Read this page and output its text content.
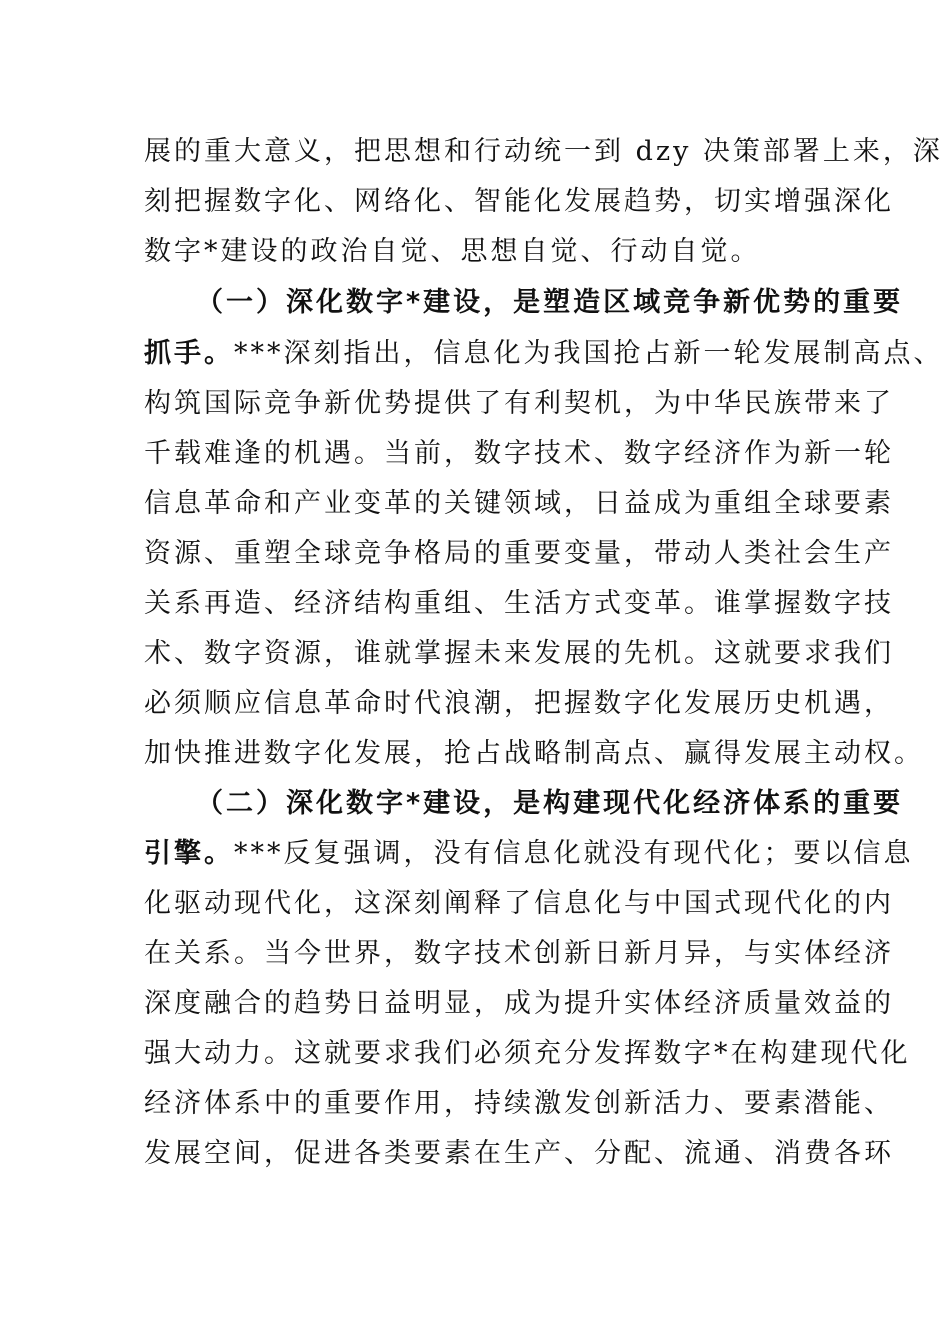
展的重大意义，把思想和行动统一到 dzy 决策部署上来，深
刻把握数字化、网络化、智能化发展趋势，切实增强深化
数字*建设的政治自觉、思想自觉、行动自觉。
（一）深化数字*建设，是塑造区域竞争新优势的重要
抓手。***深刻指出，信息化为我国抢占新一轮发展制高点、
构筑国际竞争新优势提供了有利契机，为中华民族带来了
千载难逢的机遇。当前，数字技术、数字经济作为新一轮
信息革命和产业变革的关键领域，日益成为重组全球要素
资源、重塑全球竞争格局的重要变量，带动人类社会生产
关系再造、经济结构重组、生活方式变革。谁掌握数字技
术、数字资源，谁就掌握未来发展的先机。这就要求我们
必须顺应信息革命时代浪潮，把握数字化发展历史机遇，
加快推进数字化发展，抢占战略制高点、赢得发展主动权。
（二）深化数字*建设，是构建现代化经济体系的重要
引擎。***反复强调，没有信息化就没有现代化；要以信息
化驱动现代化，这深刻阐释了信息化与中国式现代化的内
在关系。当今世界，数字技术创新日新月异，与实体经济
深度融合的趋势日益明显，成为提升实体经济质量效益的
强大动力。这就要求我们必须充分发挥数字*在构建现代化
经济体系中的重要作用，持续激发创新活力、要素潜能、
发展空间，促进各类要素在生产、分配、流通、消费各环
